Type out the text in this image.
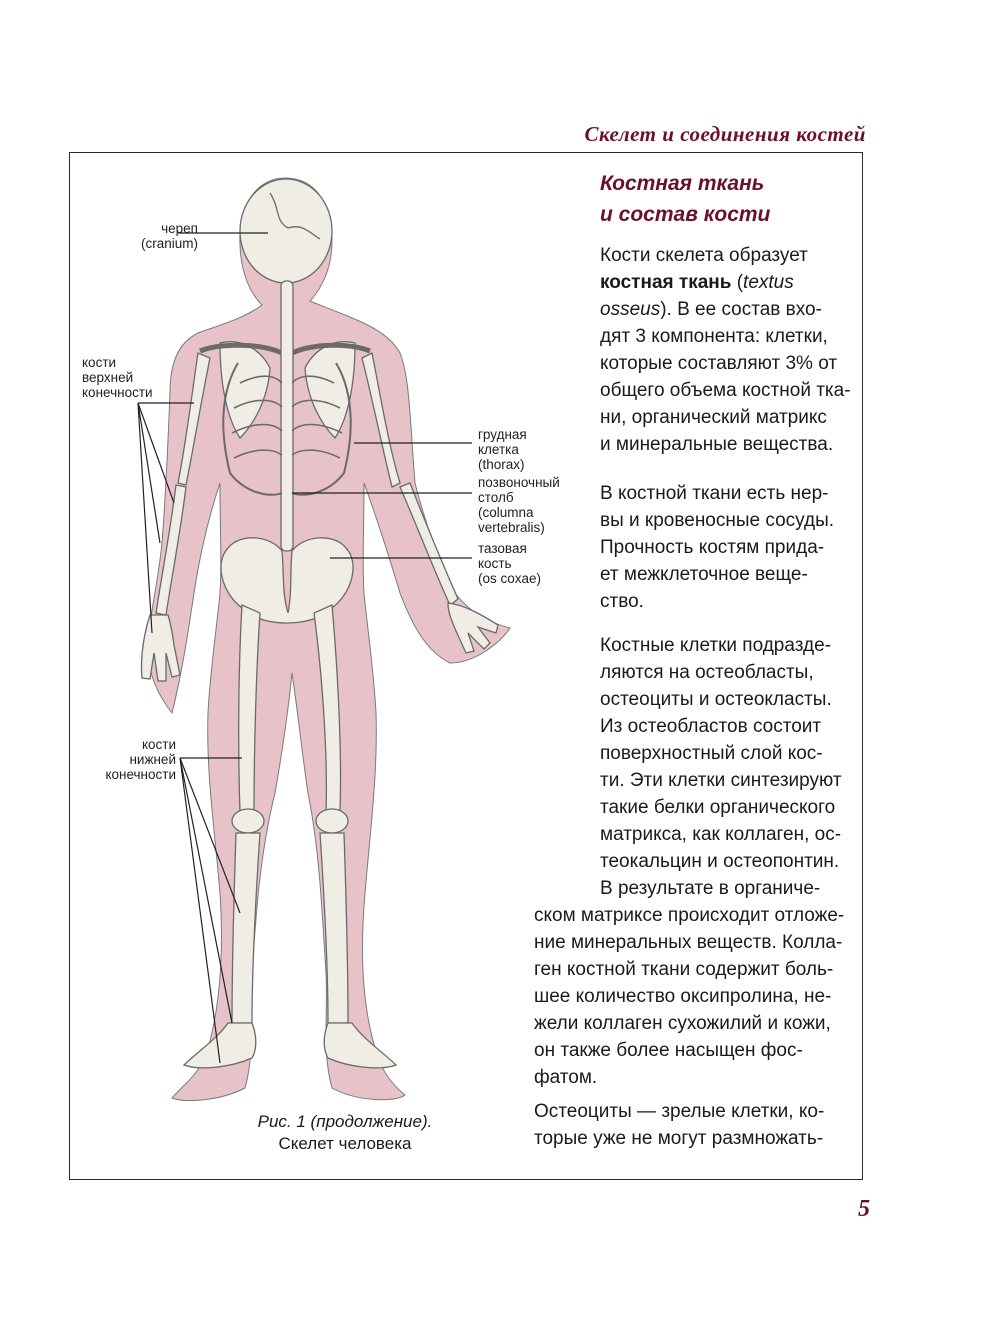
Скелет и соединения костей
череп
(cranium)
кости
верхней
конечности
грудная
клетка
(thorax)
позвоночный
столб
(columna
vertebralis)
тазовая
кость
(os coxae)
кости
нижней
конечности
Рис. 1 (продолжение).
Скелет человека
Костная ткань
и состав кости
Кости скелета образует
костная ткань (textus
osseus). В ее состав вхо-
дят 3 компонента: клетки,
которые составляют 3% от
общего объема костной тка-
ни, органический матрикс
и минеральные вещества.
В костной ткани есть нер-
вы и кровеносные сосуды.
Прочность костям прида-
ет межклеточное веще-
ство.
Костные клетки подразде-
ляются на остеобласты,
остеоциты и остеокласты.
Из остеобластов состоит
поверхностный слой кос-
ти. Эти клетки синтезируют
такие белки органического
матрикса, как коллаген, ос-
теокальцин и остеопонтин.
В результате в органиче-
ском матриксе происходит отложе-
ние минеральных веществ. Колла-
ген костной ткани содержит боль-
шее количество оксипролина, не-
жели коллаген сухожилий и кожи,
он также более насыщен фос-
фатом.
Остеоциты — зрелые клетки, ко-
торые уже не могут размножать-
5
